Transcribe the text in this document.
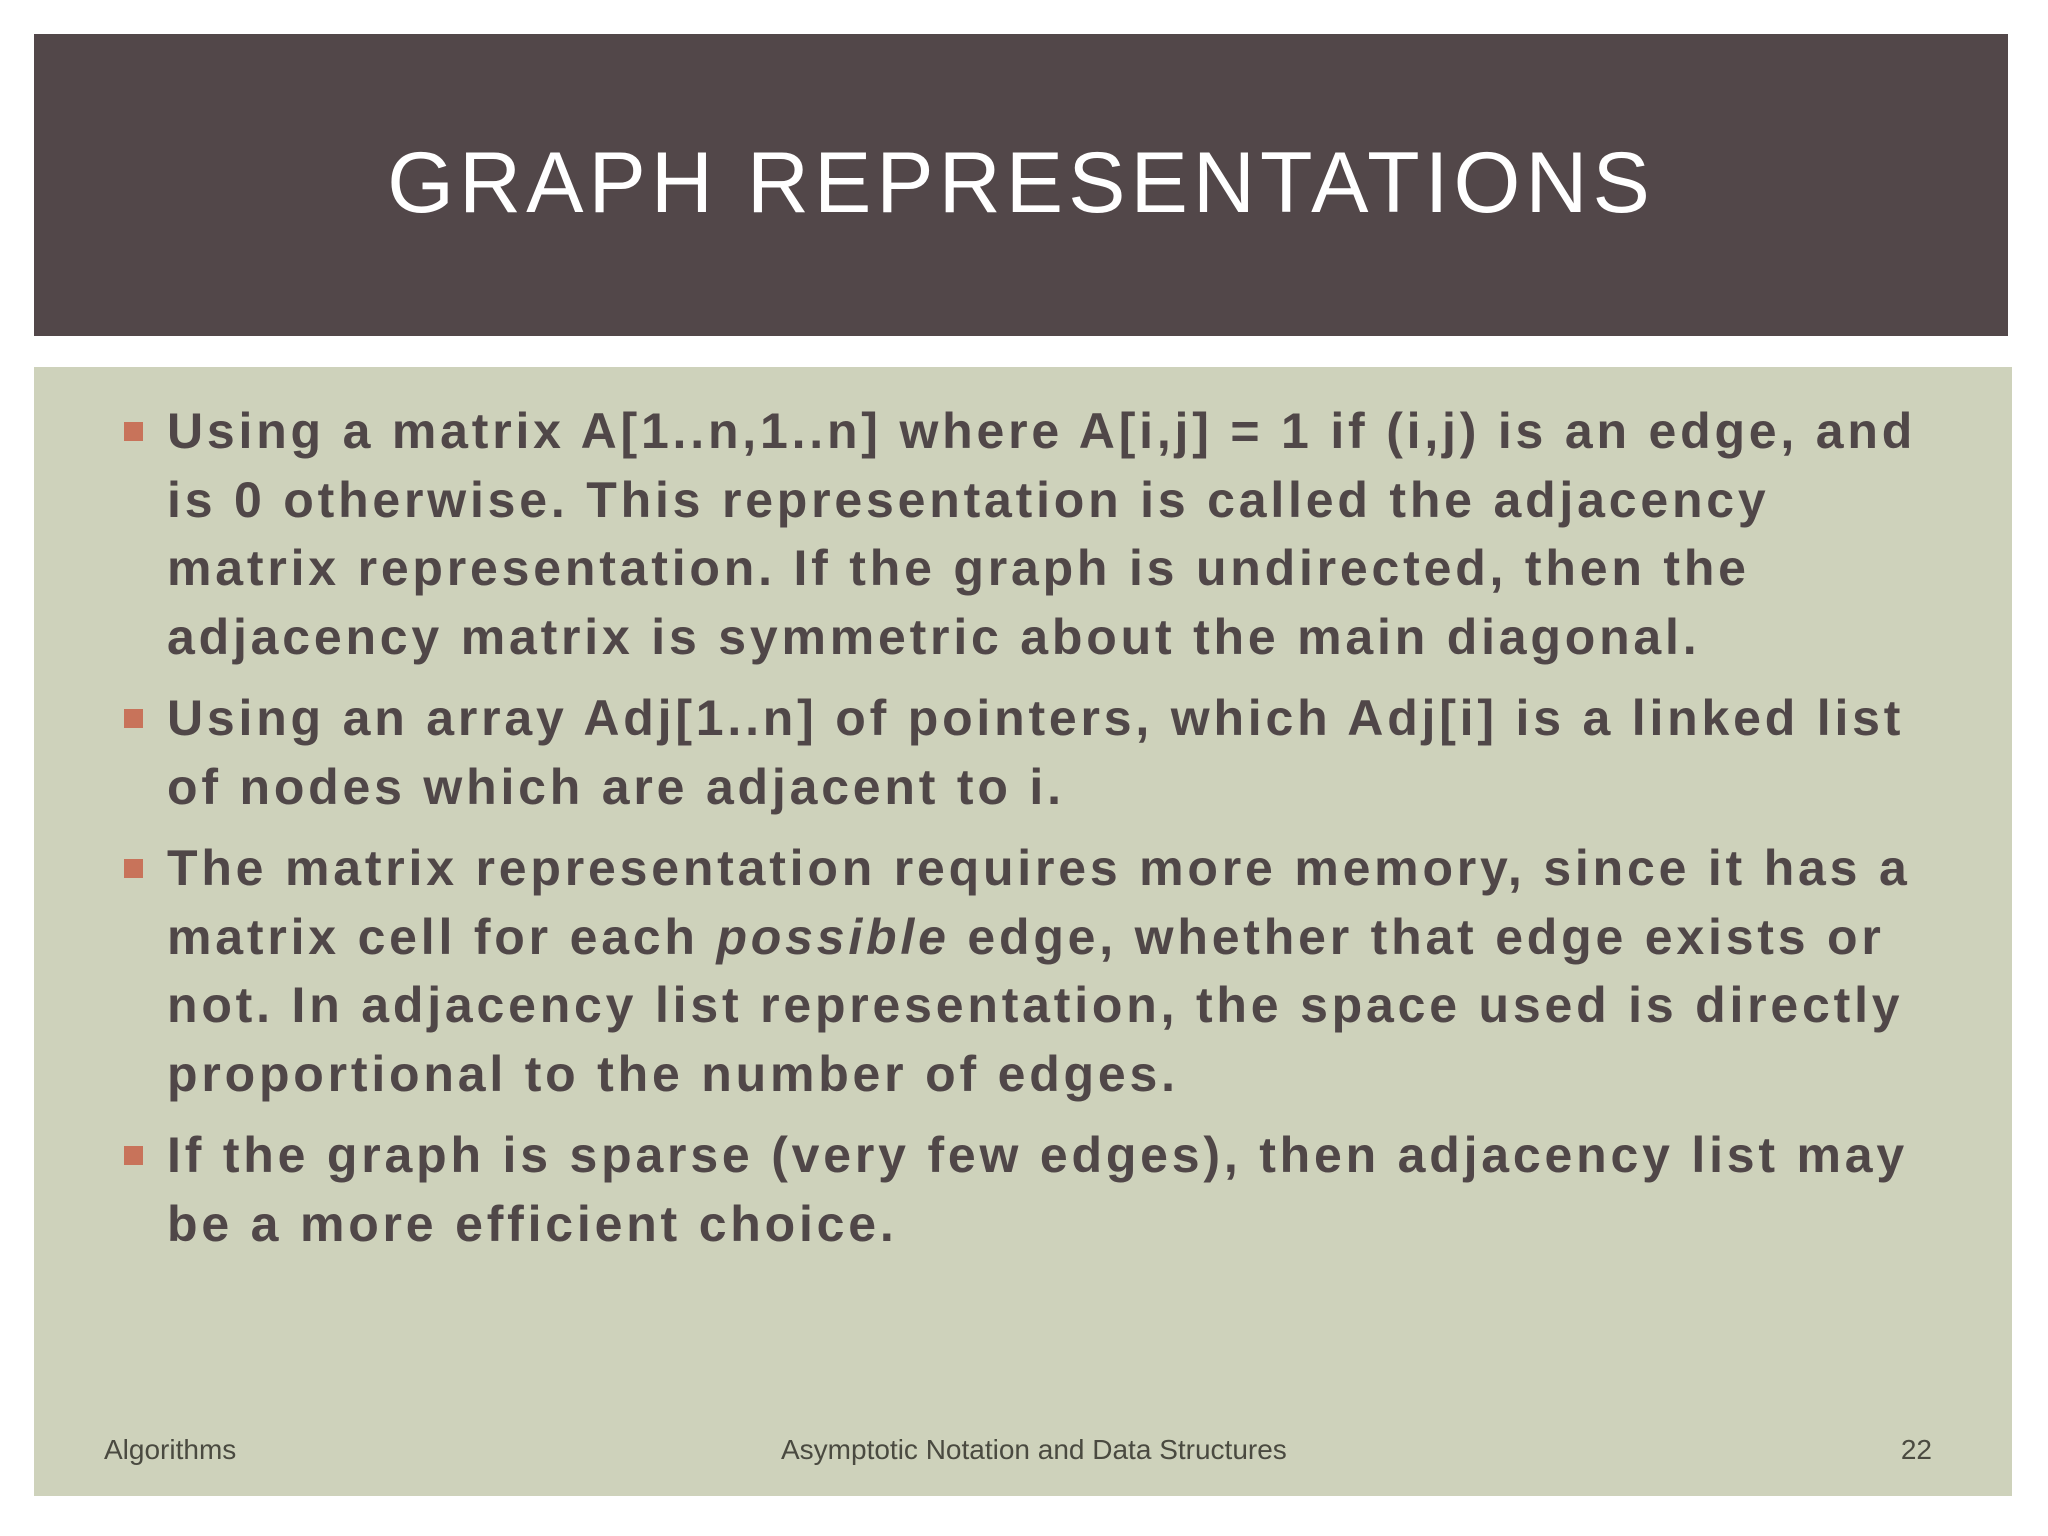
GRAPH REPRESENTATIONS
Using a matrix A[1..n,1..n] where A[i,j] = 1 if (i,j) is an edge, and is 0 otherwise. This representation is called the adjacency matrix representation. If the graph is undirected, then the adjacency matrix is symmetric about the main diagonal.
Using an array Adj[1..n] of pointers, which Adj[i] is a linked list of nodes which are adjacent to i.
The matrix representation requires more memory, since it has a matrix cell for each possible edge, whether that edge exists or not. In adjacency list representation, the space used is directly proportional to the number of edges.
If the graph is sparse (very few edges), then adjacency list may be a more efficient choice.
Algorithms	Asymptotic Notation and Data Structures	22
